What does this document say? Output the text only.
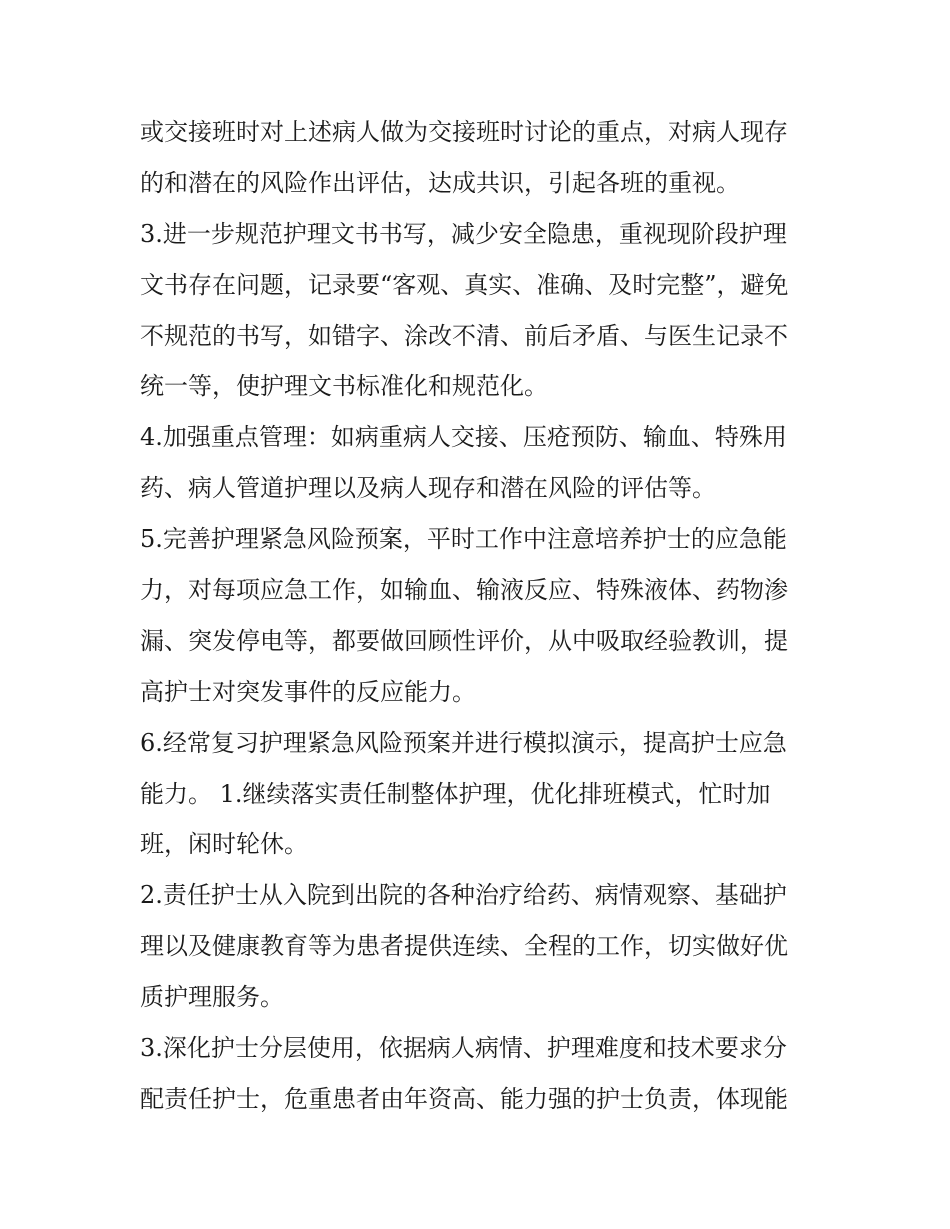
或交接班时对上述病人做为交接班时讨论的重点，对病人现存
的和潜在的风险作出评估，达成共识，引起各班的重视。
3.进一步规范护理文书书写，减少安全隐患，重视现阶段护理
文书存在问题，记录要“客观、真实、准确、及时完整”，避免
不规范的书写，如错字、涂改不清、前后矛盾、与医生记录不
统一等，使护理文书标准化和规范化。
4.加强重点管理：如病重病人交接、压疮预防、输血、特殊用
药、病人管道护理以及病人现存和潜在风险的评估等。
5.完善护理紧急风险预案，平时工作中注意培养护士的应急能
力，对每项应急工作，如输血、输液反应、特殊液体、药物渗
漏、突发停电等，都要做回顾性评价，从中吸取经验教训，提
高护士对突发事件的反应能力。
6.经常复习护理紧急风险预案并进行模拟演示，提高护士应急
能力。 1.继续落实责任制整体护理，优化排班模式，忙时加
班，闲时轮休。
2.责任护士从入院到出院的各种治疗给药、病情观察、基础护
理以及健康教育等为患者提供连续、全程的工作，切实做好优
质护理服务。
3.深化护士分层使用，依据病人病情、护理难度和技术要求分
配责任护士，危重患者由年资高、能力强的护士负责，体现能
